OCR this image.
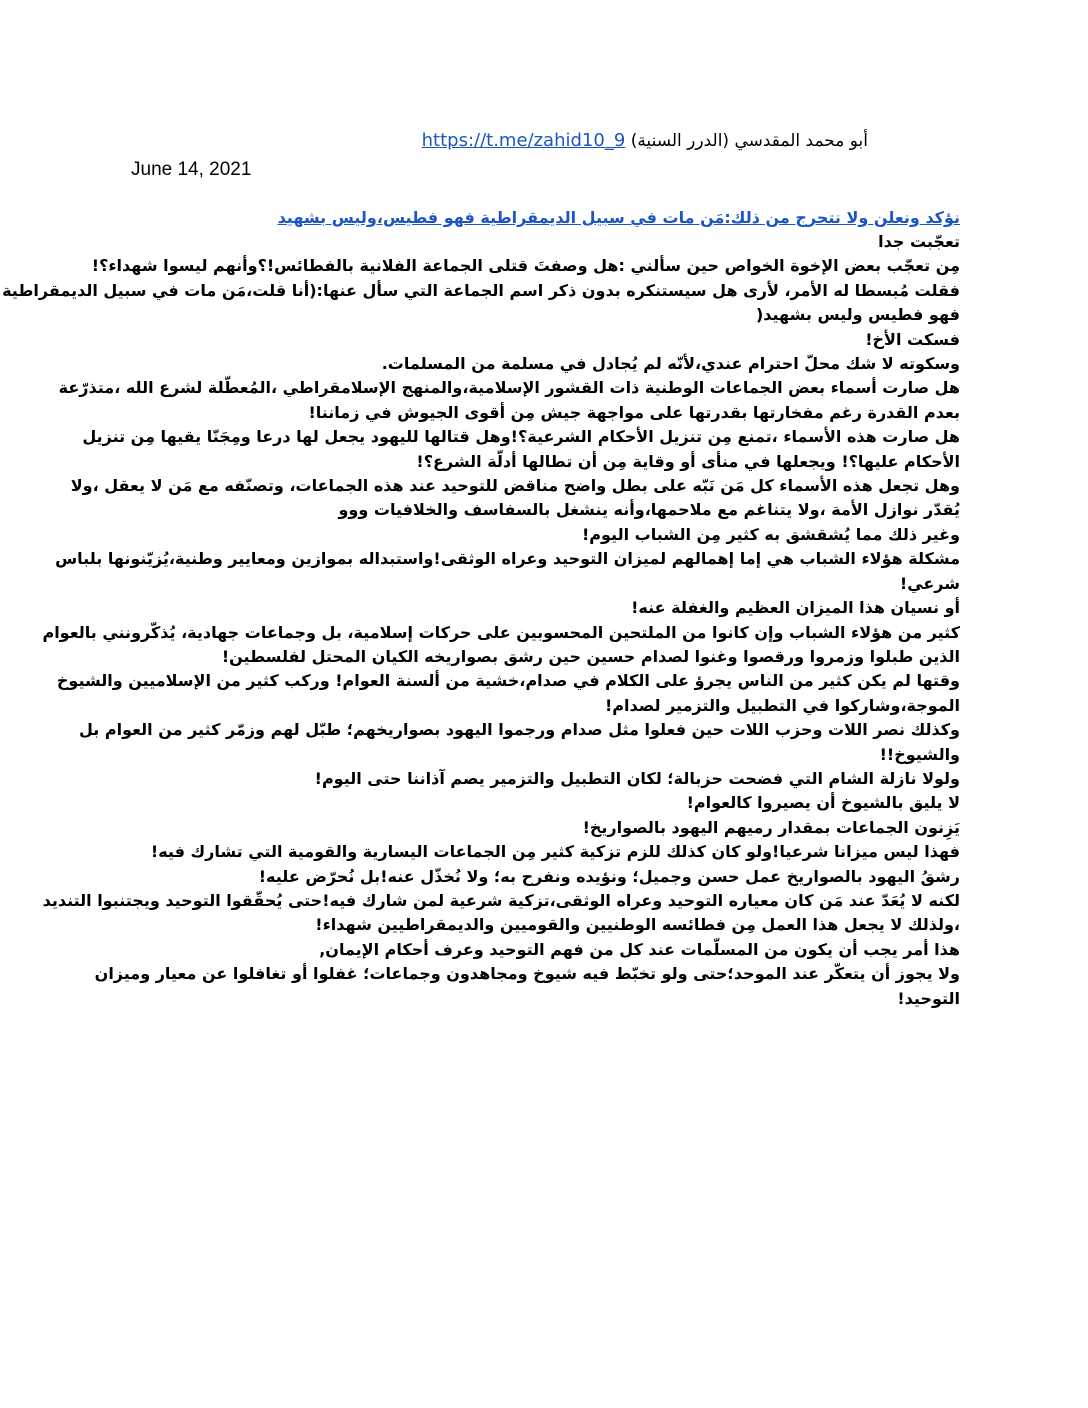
أبو محمد المقدسي (الدرر السنية) https://t.me/zahid10_9
June 14, 2021
نؤكد ونعلن ولا نتحرج من ذلك:مَن مات في سبيل الديمقراطية فهو فطيس،وليس بشهيد
تعجّبت جدا
مِن تعجّب بعض الإخوة الخواص حين سألني :هل وصفتَ قتلى الجماعة الفلانية بالفطائس!؟وأنهم ليسوا شهداء؟!
فقلت مُبسطا له الأمر، لأرى هل سيستنكره بدون ذكر اسم الجماعة التي سأل عنها:(أنا قلت،مَن مات في سبيل الديمقراطية
فهو فطيس وليس بشهيد(
فسكت الأخ!
وسكوته لا شك محلّ احترام عندي،لأنّه لم يُجادل في مسلمة من المسلمات.
هل صارت أسماء بعض الجماعات الوطنية ذات القشور الإسلامية،والمنهج الإسلامقراطي ،المُعطّلة لشرع الله ،متذرّعة
بعدم القدرة رغم مفخارتها بقدرتها على مواجهة جيش مِن أقوى الجيوش في زماننا!
هل صارت هذه الأسماء ،تمنع مِن تنزيل الأحكام الشرعية؟!وهل قتالها لليهود يجعل لها درعا ومِجَنّا يقيها مِن تنزيل
الأحكام عليها؟! ويجعلها في منأى أو وقاية مِن أن تطالها أدلّة الشرع؟!
وهل تجعل هذه الأسماء كل مَن نَبّه على بطل واضح مناقض للتوحيد عند هذه الجماعات، وتصنّفه مع مَن لا يعقل ،ولا
يُقدّر نوازل الأمة ،ولا يتناغم مع ملاحمها،وأنه ينشغل بالسفاسف والخلافيات ووو
وغير ذلك مما يُشقشق به كثير مِن الشباب اليوم!
مشكلة هؤلاء الشباب هي إما إهمالهم لميزان التوحيد وعراه الوثقى!واستبداله بموازين ومعايير وطنية،يُزيّنونها بلباس
شرعي!
أو نسيان هذا الميزان العظيم والغفلة عنه!
كثير من هؤلاء الشباب وإن كانوا من الملتحين المحسوبين على حركات إسلامية، بل وجماعات جهادية، يُذكّرونني بالعوام
الذين طبلوا وزمروا ورقصوا وغنوا لصدام حسين حين رشق بصواريخه الكيان المحتل لفلسطين!
وقتها لم يكن كثير من الناس يجرؤ على الكلام في صدام،خشية من ألسنة العوام! وركب كثير من الإسلاميين والشيوخ
الموجة،وشاركوا في التطبيل والتزمير لصدام!
وكذلك نصر اللات وحزب اللات حين فعلوا مثل صدام ورجموا اليهود بصواريخهم؛ طبّل لهم وزمّر كثير من العوام بل
والشيوخ!!
ولولا نازلة الشام التي فضحت حزبالة؛ لكان التطبيل والتزمير يصم آذاننا حتى اليوم!
لا يليق بالشيوخ أن يصيروا كالعوام!
يَزِنون الجماعات بمقدار رميهم اليهود بالصواريخ!
فهذا ليس ميزانا شرعيا!ولو كان كذلك للزم تزكية كثير مِن الجماعات اليسارية والقومية التي تشارك فيه!
رشقُ اليهود بالصواريخ عمل حسن وجميل؛ ونؤيده ونفرح به؛ ولا نُخذّل عنه!بل نُحرّض عليه!
لكنه لا يُعَدّ عند مَن كان معياره التوحيد وعراه الوثقى،تزكية شرعية لمن شارك فيه!حتى يُحقّقوا التوحيد ويجتنبوا التنديد
،ولذلك لا يجعل هذا العمل مِن فطائسه الوطنيين والقوميين والديمقراطيين شهداء!
هذا أمر يجب أن يكون من المسلّمات عند كل من فهم التوحيد وعرف أحكام الإيمان,
ولا يجوز أن يتعكّر عند الموحد؛حتى ولو تخبّط فيه شيوخ ومجاهدون وجماعات؛ غفلوا أو تغافلوا عن معيار وميزان
التوحيد!
